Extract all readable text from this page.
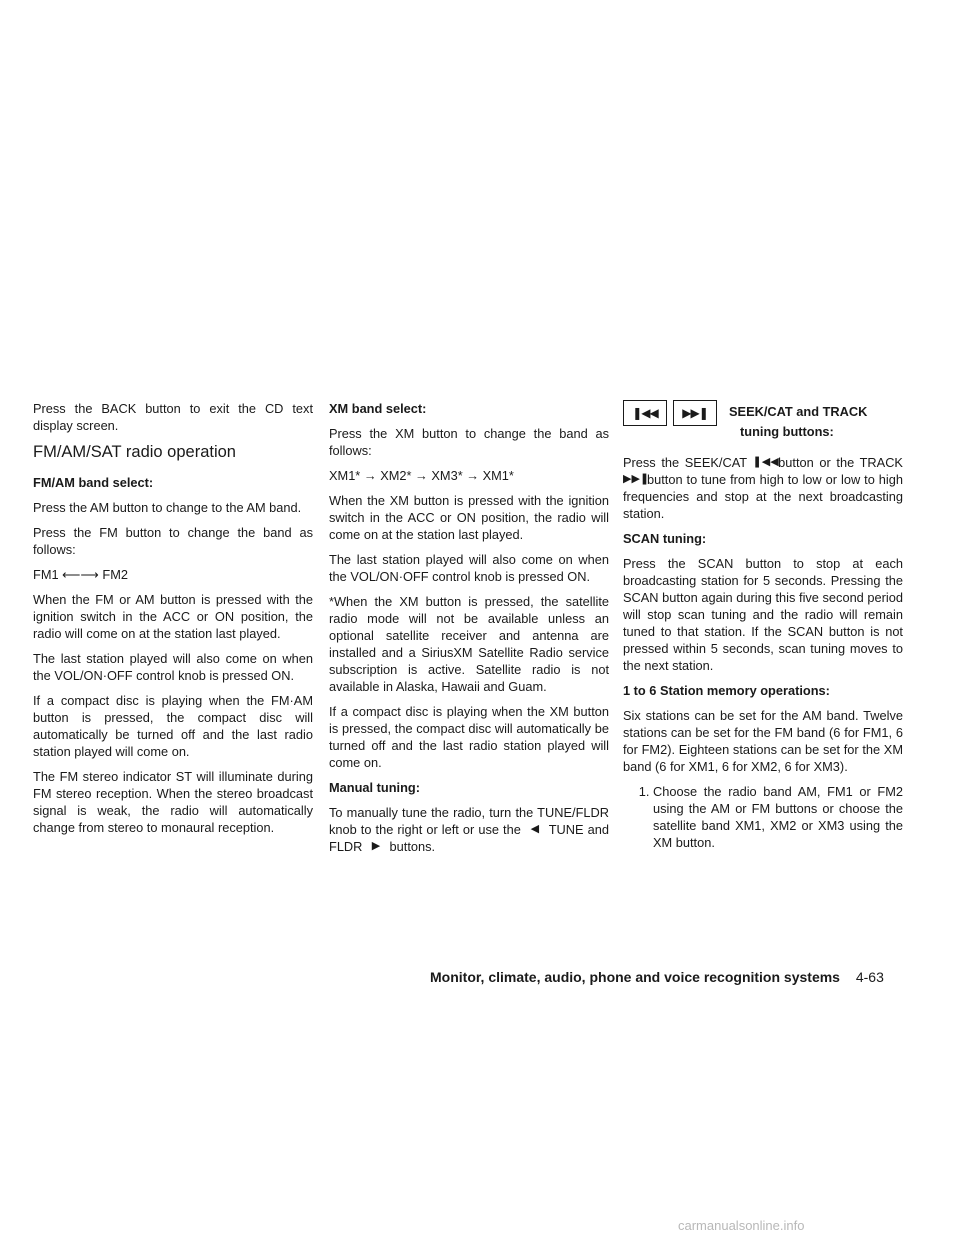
Press the BACK button to exit the CD text display screen.

FM/AM/SAT radio operation

FM/AM band select:

Press the AM button to change to the AM band.

Press the FM button to change the band as follows:

FM1 ⟵⟶ FM2

When the FM or AM button is pressed with the ignition switch in the ACC or ON position, the radio will come on at the station last played.

The last station played will also come on when the VOL/ON·OFF control knob is pressed ON.

If a compact disc is playing when the FM·AM button is pressed, the compact disc will automatically be turned off and the last radio station played will come on.

The FM stereo indicator ST will illuminate during FM stereo reception. When the stereo broadcast signal is weak, the radio will automatically change from stereo to monaural reception.

XM band select:

Press the XM button to change the band as follows:

XM1* → XM2* → XM3* → XM1*

When the XM button is pressed with the ignition switch in the ACC or ON position, the radio will come on at the station last played.

The last station played will also come on when the VOL/ON·OFF control knob is pressed ON.

*When the XM button is pressed, the satellite radio mode will not be available unless an optional satellite receiver and antenna are installed and a SiriusXM Satellite Radio service subscription is active. Satellite radio is not available in Alaska, Hawaii and Guam.

If a compact disc is playing when the XM button is pressed, the compact disc will automatically be turned off and the last radio station played will come on.

Manual tuning:

To manually tune the radio, turn the TUNE/FLDR knob to the right or left or use the ◀ TUNE and FLDR ▶ buttons.

❚◀◀ ▶▶❚ SEEK/CAT and TRACK
tuning buttons:

Press the SEEK/CAT ❚◀◀ button or the TRACK ▶▶❚ button to tune from high to low or low to high frequencies and stop at the next broadcasting station.

SCAN tuning:

Press the SCAN button to stop at each broadcasting station for 5 seconds. Pressing the SCAN button again during this five second period will stop scan tuning and the radio will remain tuned to that station. If the SCAN button is not pressed within 5 seconds, scan tuning moves to the next station.

1 to 6 Station memory operations:

Six stations can be set for the AM band. Twelve stations can be set for the FM band (6 for FM1, 6 for FM2). Eighteen stations can be set for the XM band (6 for XM1, 6 for XM2, 6 for XM3).

1. Choose the radio band AM, FM1 or FM2 using the AM or FM buttons or choose the satellite band XM1, XM2 or XM3 using the XM button.
Monitor, climate, audio, phone and voice recognition systems 4-63
carmanualsonline.info
